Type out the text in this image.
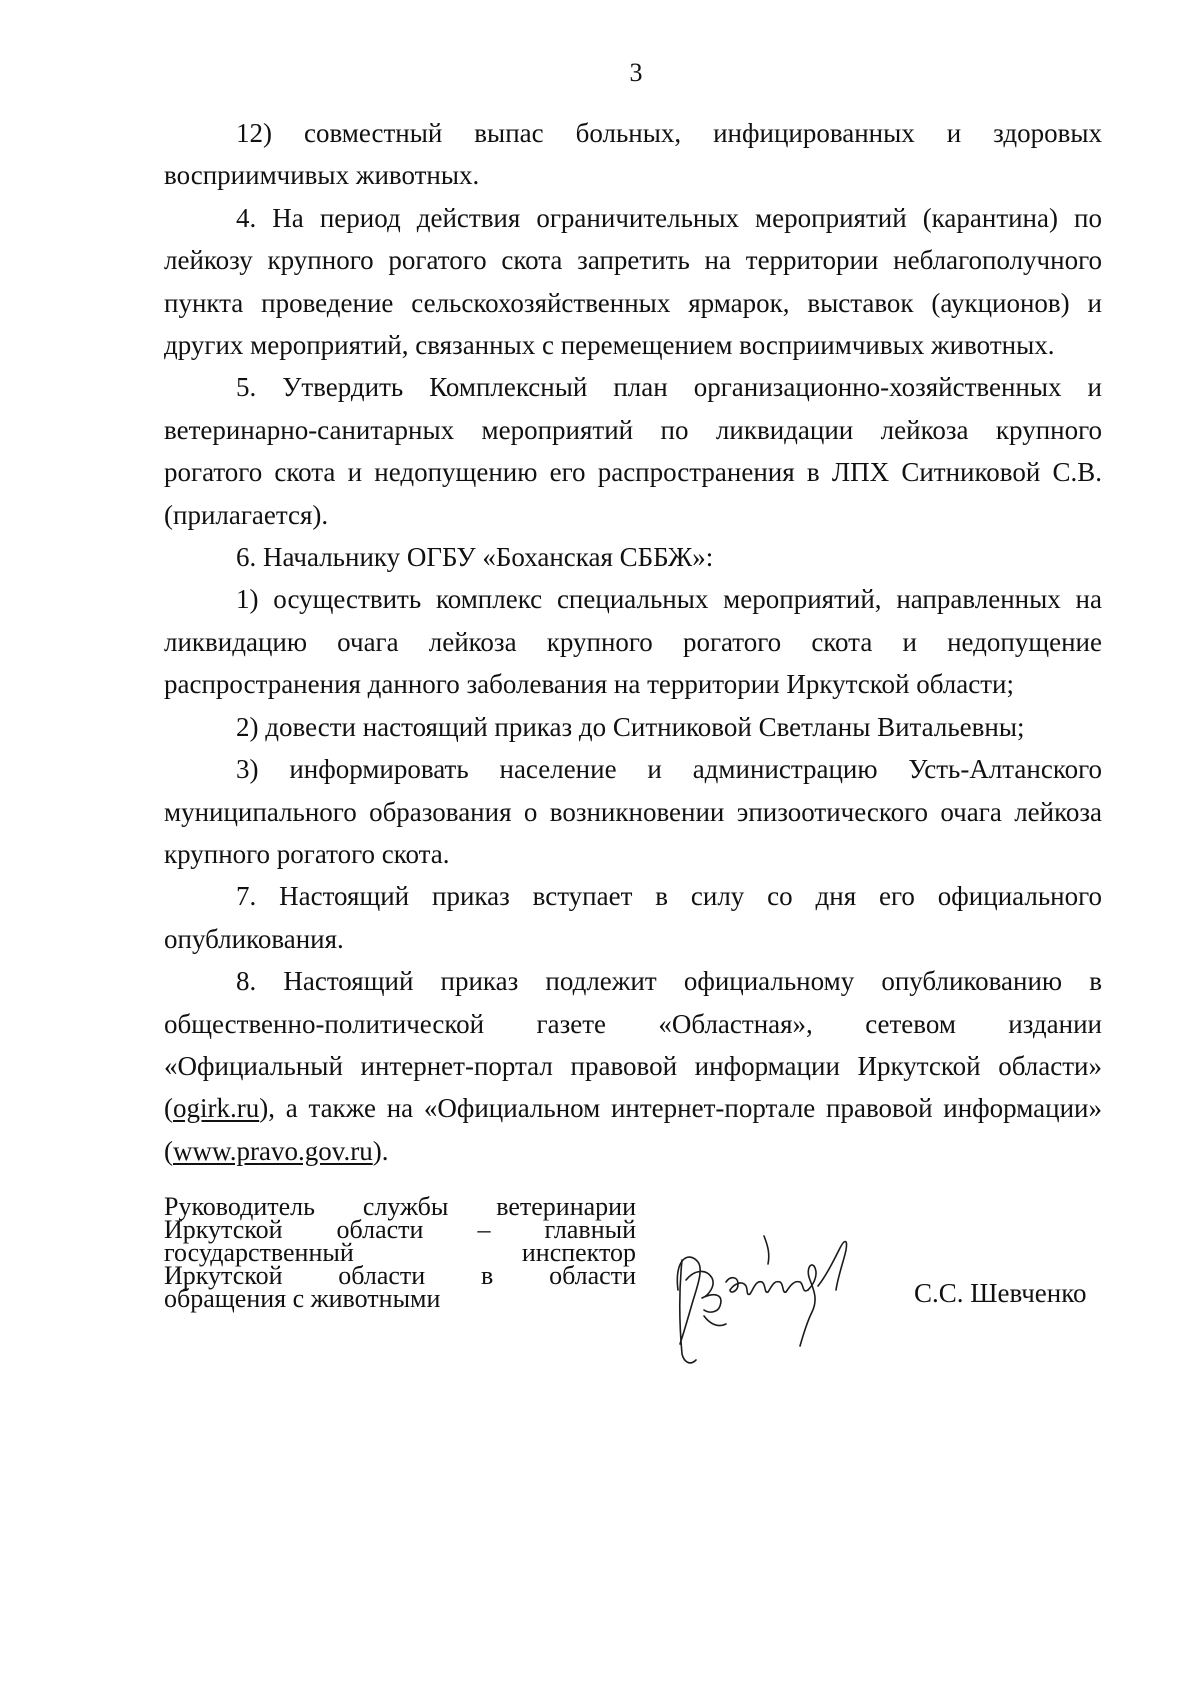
3

12) совместный выпас больных, инфицированных и здоровых восприимчивых животных.

4. На период действия ограничительных мероприятий (карантина) по лейкозу крупного рогатого скота запретить на территории неблагополучного пункта проведение сельскохозяйственных ярмарок, выставок (аукционов) и других мероприятий, связанных с перемещением восприимчивых животных.

5. Утвердить Комплексный план организационно-хозяйственных и ветеринарно-санитарных мероприятий по ликвидации лейкоза крупного рогатого скота и недопущению его распространения в ЛПХ Ситниковой С.В. (прилагается).

6. Начальнику ОГБУ «Боханская СББЖ»:

1) осуществить комплекс специальных мероприятий, направленных на ликвидацию очага лейкоза крупного рогатого скота и недопущение распространения данного заболевания на территории Иркутской области;

2) довести настоящий приказ до Ситниковой Светланы Витальевны;

3) информировать население и администрацию Усть-Алтанского муниципального образования о возникновении эпизоотического очага лейкоза крупного рогатого скота.

7. Настоящий приказ вступает в силу со дня его официального опубликования.

8. Настоящий приказ подлежит официальному опубликованию в общественно-политической газете «Областная», сетевом издании «Официальный интернет-портал правовой информации Иркутской области» (ogirk.ru), а также на «Официальном интернет-портале правовой информации» (www.pravo.gov.ru).

Руководитель службы ветеринарии

Иркутской области – главный

государственный инспектор

Иркутской области в области

обращения с животными	С.С. Шевченко
